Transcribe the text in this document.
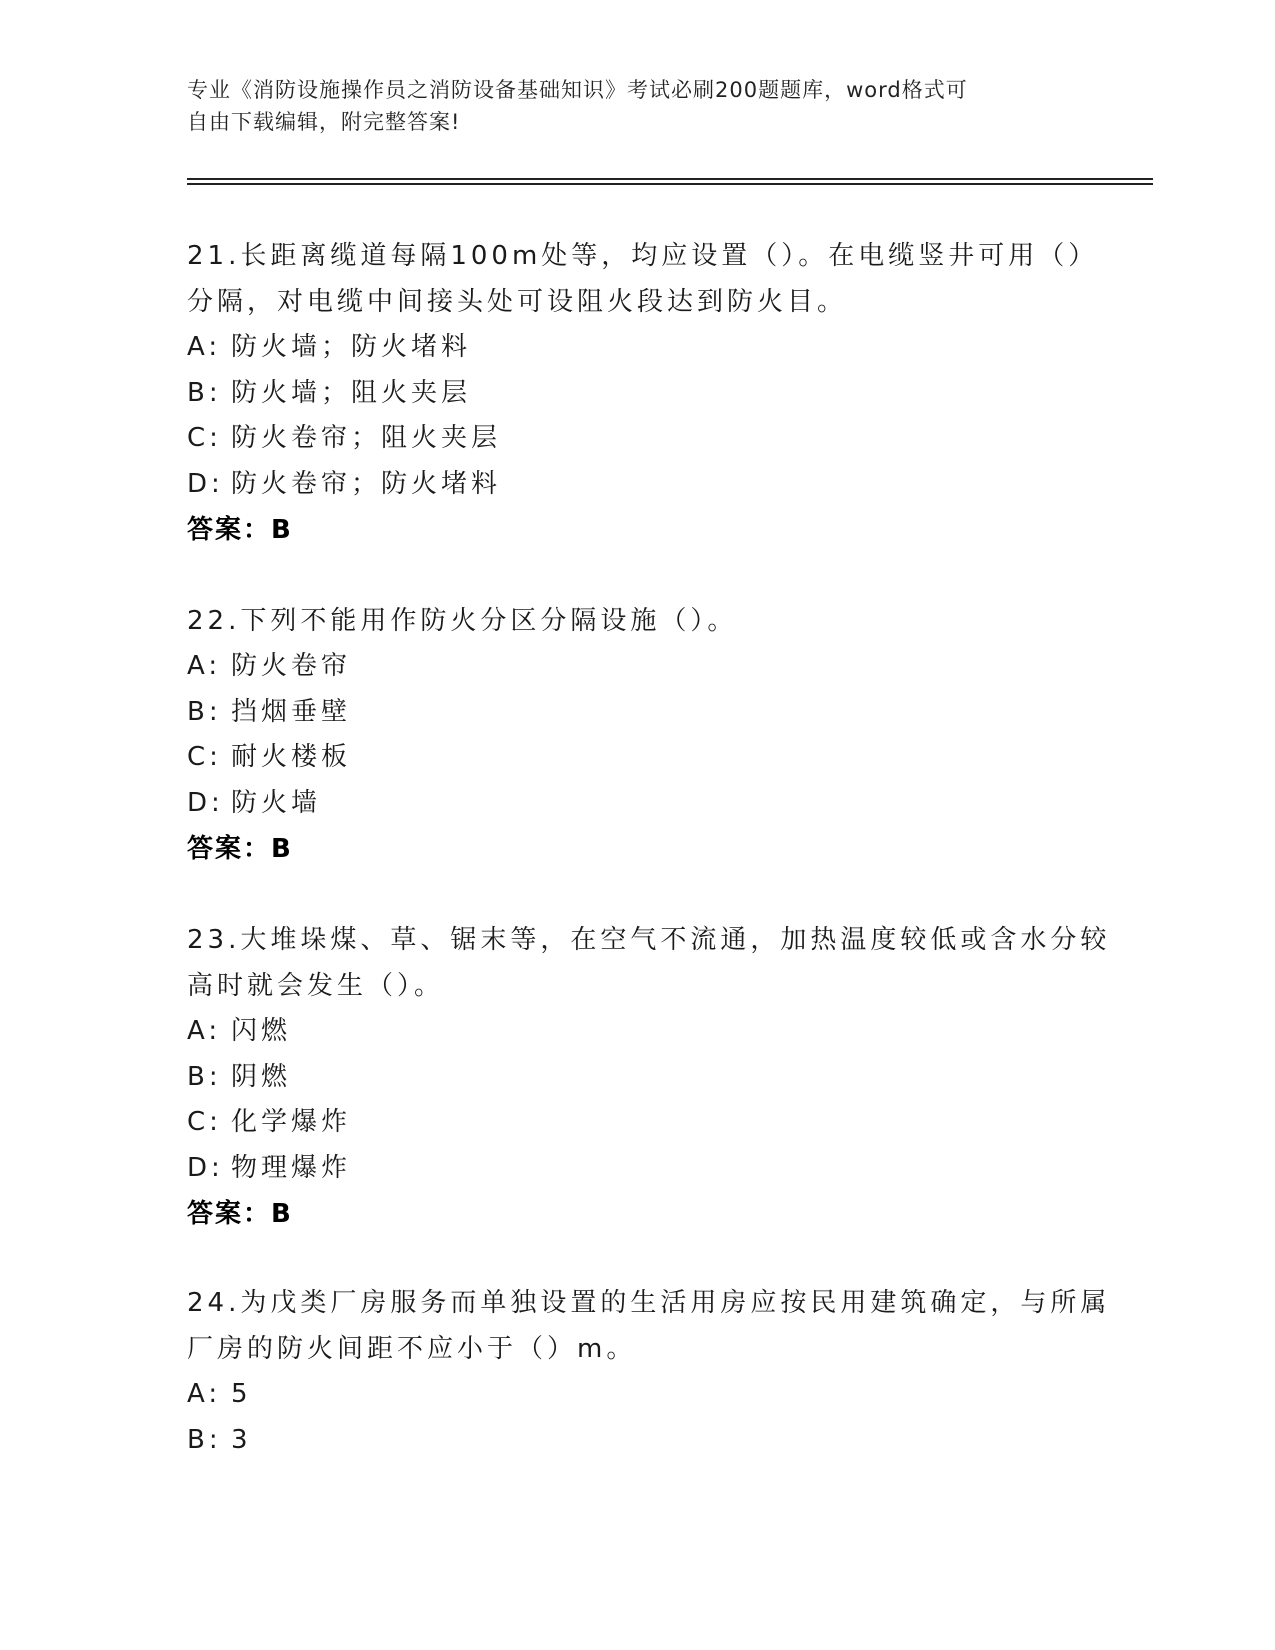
专业《消防设施操作员之消防设备基础知识》考试必刷200题题库，word格式可
自由下载编辑，附完整答案!
21.长距离缆道每隔100m处等，均应设置（）。在电缆竖井可用（）
分隔，对电缆中间接头处可设阻火段达到防火目。
A: 防火墙；防火堵料
B: 防火墙；阻火夹层
C: 防火卷帘；阻火夹层
D: 防火卷帘；防火堵料
答案：B
22.下列不能用作防火分区分隔设施（）。
A: 防火卷帘
B: 挡烟垂壁
C: 耐火楼板
D: 防火墙
答案：B
23.大堆垛煤、草、锯末等，在空气不流通，加热温度较低或含水分较
高时就会发生（）。
A: 闪燃
B: 阴燃
C: 化学爆炸
D: 物理爆炸
答案：B
24.为戊类厂房服务而单独设置的生活用房应按民用建筑确定，与所属
厂房的防火间距不应小于（）m。
A: 5
B: 3
